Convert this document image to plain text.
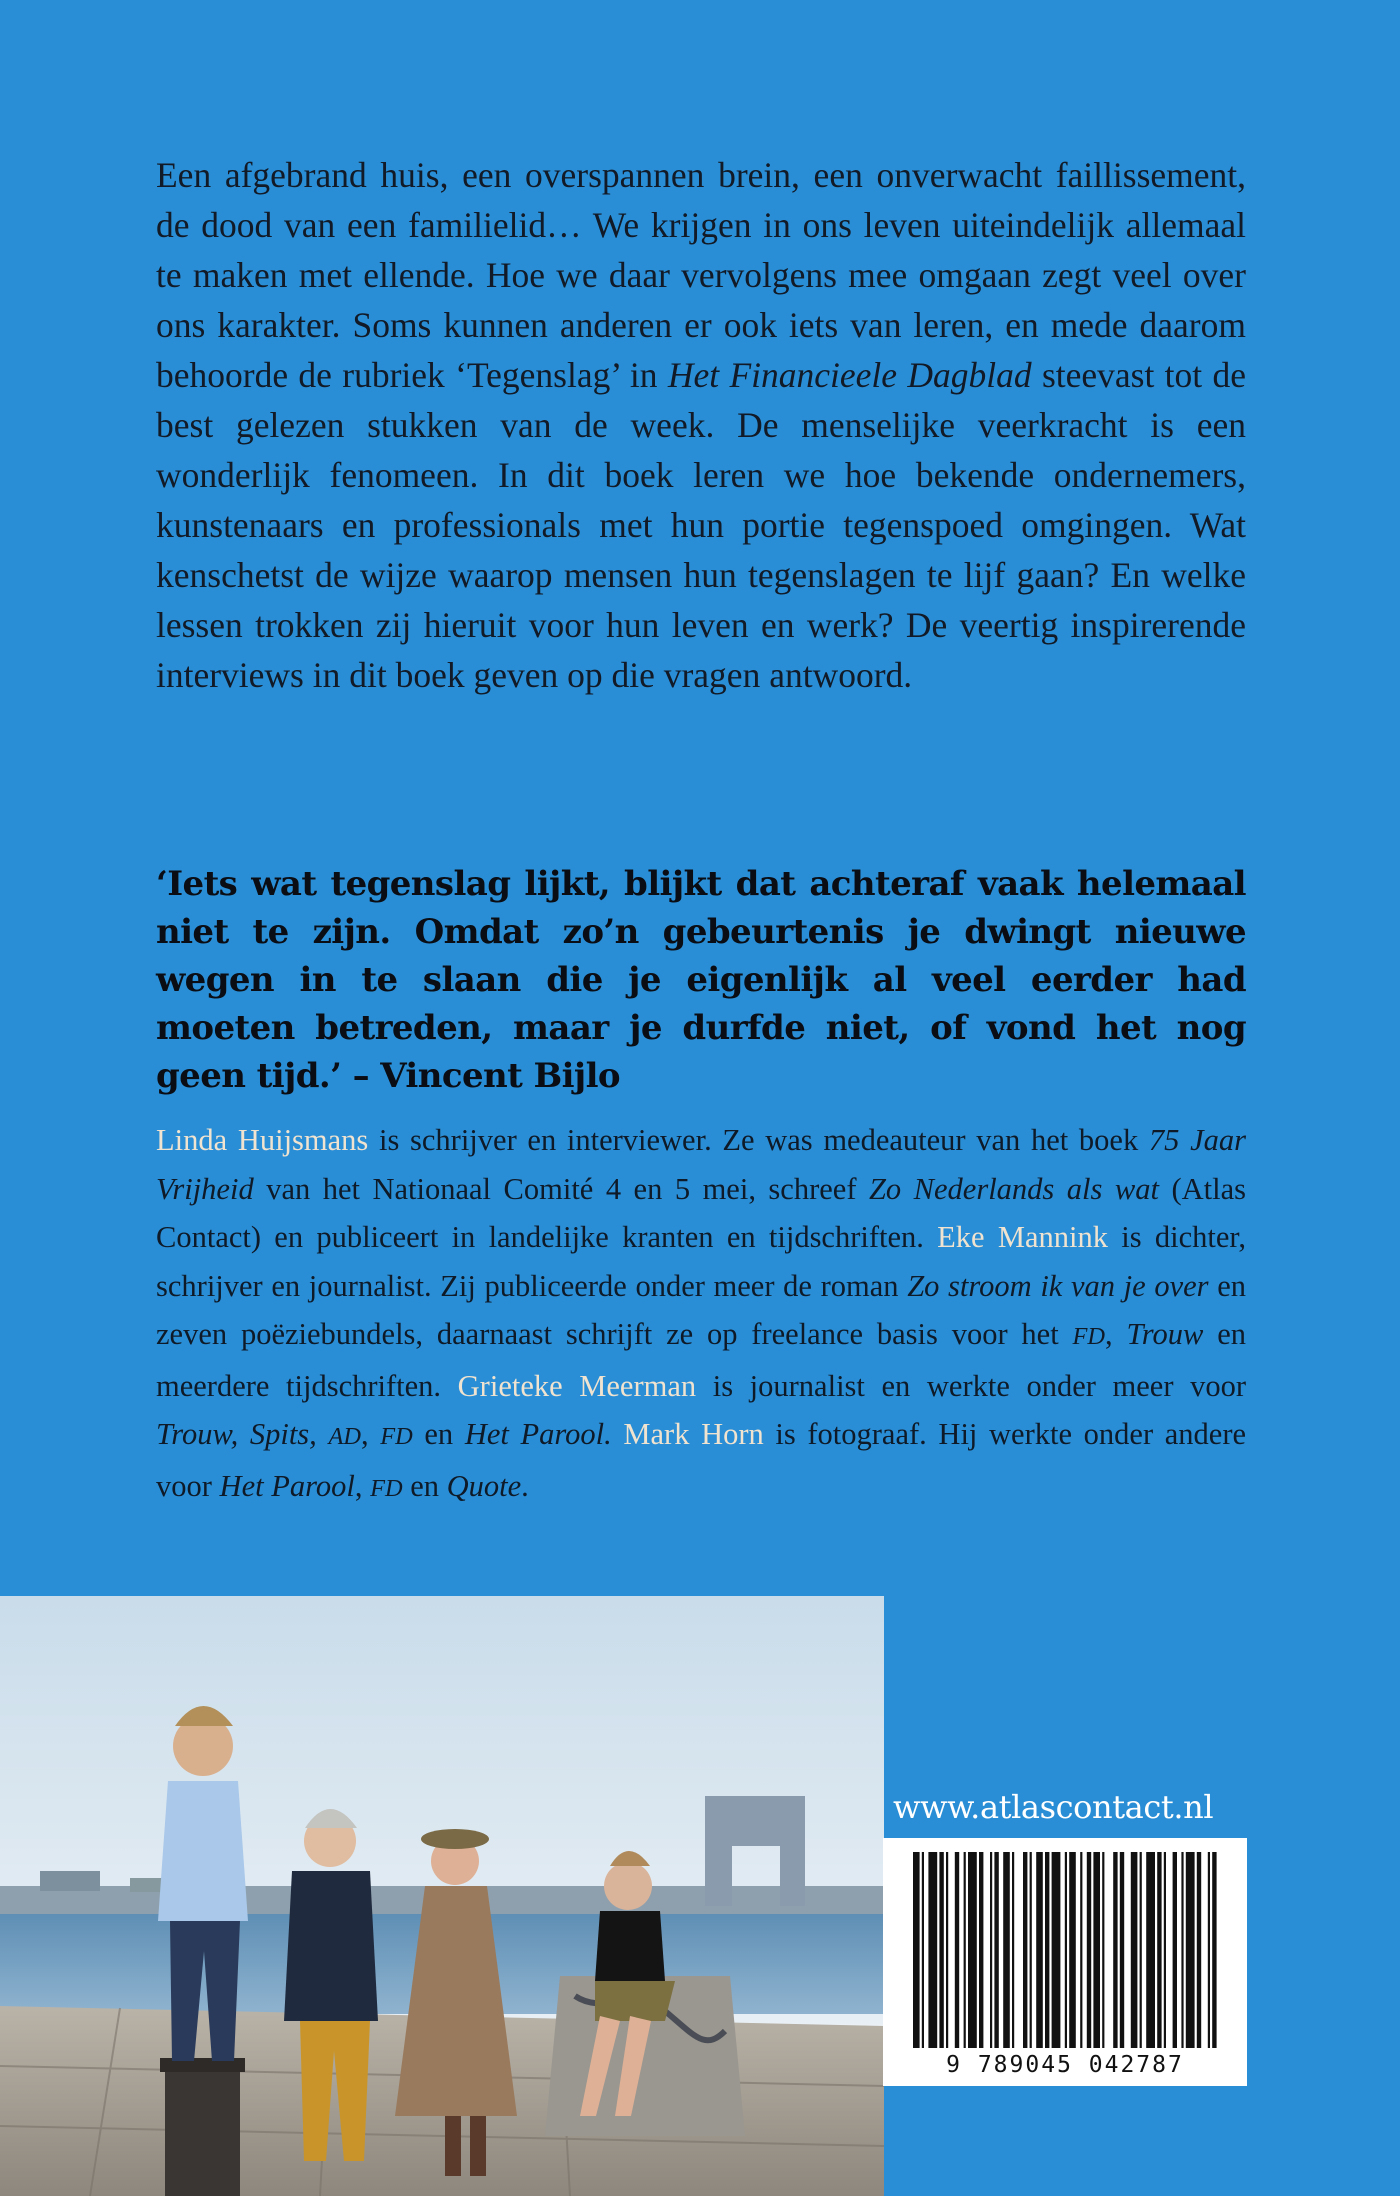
Een afgebrand huis, een overspannen brein, een onverwacht faillissement, de dood van een familielid… We krijgen in ons leven uiteindelijk allemaal te maken met ellende. Hoe we daar vervolgens mee omgaan zegt veel over ons karakter. Soms kunnen anderen er ook iets van leren, en mede daarom behoorde de rubriek ‘Tegenslag’ in Het Financieele Dagblad steevast tot de best gelezen stukken van de week. De menselijke veerkracht is een wonderlijk fenomeen. In dit boek leren we hoe bekende ondernemers, kunstenaars en professionals met hun portie tegenspoed omgingen. Wat kenschetst de wijze waarop mensen hun tegenslagen te lijf gaan? En welke lessen trokken zij hieruit voor hun leven en werk? De veertig inspirerende interviews in dit boek geven op die vragen antwoord.
‘Iets wat tegenslag lijkt, blijkt dat achteraf vaak helemaal niet te zijn. Omdat zo’n gebeurtenis je dwingt nieuwe wegen in te slaan die je eigenlijk al veel eerder had moeten betreden, maar je durfde niet, of vond het nog geen tijd.’ – Vincent Bijlo
Linda Huijsmans is schrijver en interviewer. Ze was medeauteur van het boek 75 Jaar Vrijheid van het Nationaal Comité 4 en 5 mei, schreef Zo Nederlands als wat (Atlas Contact) en publiceert in landelijke kranten en tijdschriften. Eke Mannink is dichter, schrijver en journalist. Zij publiceerde onder meer de roman Zo stroom ik van je over en zeven poëziebundels, daarnaast schrijft ze op freelance basis voor het FD, Trouw en meerdere tijdschriften. Grieteke Meerman is journalist en werkte onder meer voor Trouw, Spits, AD, FD en Het Parool. Mark Horn is fotograaf. Hij werkte onder andere voor Het Parool, FD en Quote.
www.atlascontact.nl
9 789045 042787
